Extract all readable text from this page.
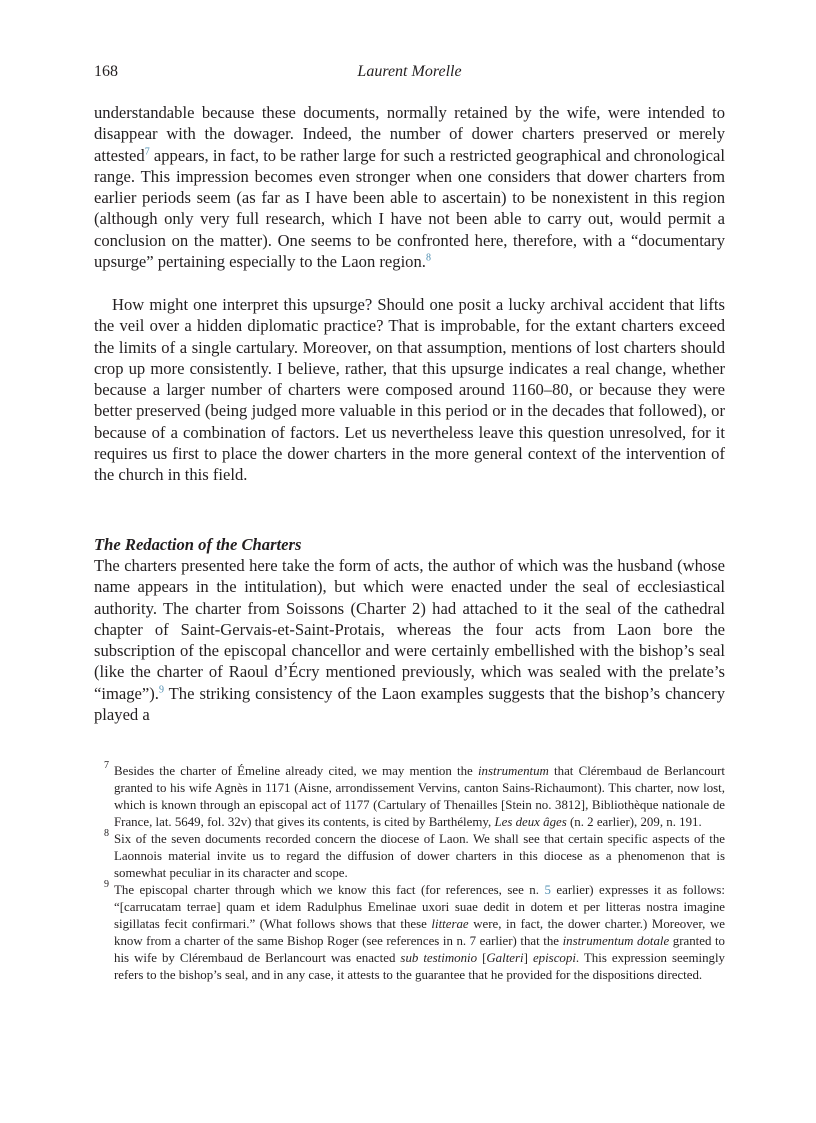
168	Laurent Morelle

understandable because these documents, normally retained by the wife, were intended to disappear with the dowager. Indeed, the number of dower charters preserved or merely attested$^7$ appears, in fact, to be rather large for such a restricted geographical and chronological range. This impression becomes even stronger when one considers that dower charters from earlier periods seem (as far as I have been able to ascertain) to be nonexistent in this region (although only very full research, which I have not been able to carry out, would permit a conclusion on the matter). One seems to be confronted here, therefore, with a “documentary upsurge” pertaining especially to the Laon region.$^8$

How might one interpret this upsurge? Should one posit a lucky archival accident that lifts the veil over a hidden diplomatic practice? That is improbable, for the extant charters exceed the limits of a single cartulary. Moreover, on that assumption, mentions of lost charters should crop up more consistently. I believe, rather, that this upsurge indicates a real change, whether because a larger number of charters were composed around 1160–80, or because they were better preserved (being judged more valuable in this period or in the decades that followed), or because of a combination of factors. Let us nevertheless leave this question unresolved, for it requires us first to place the dower charters in the more general context of the intervention of the church in this field.

The Redaction of the Charters

The charters presented here take the form of acts, the author of which was the husband (whose name appears in the intitulation), but which were enacted under the seal of ecclesiastical authority. The charter from Soissons (Charter 2) had attached to it the seal of the cathedral chapter of Saint-Gervais-et-Saint-Protais, whereas the four acts from Laon bore the subscription of the episcopal chancellor and were certainly embellished with the bishop’s seal (like the charter of Raoul d’Écry mentioned previously, which was sealed with the prelate’s “image”).$^9$ The striking consistency of the Laon examples suggests that the bishop’s chancery played a

7 Besides the charter of Émeline already cited, we may mention the instrumentum that Clérembaud de Berlancourt granted to his wife Agnès in 1171 (Aisne, arrondissement Vervins, canton Sains-Richaumont). This charter, now lost, which is known through an episcopal act of 1177 (Cartulary of Thenailles [Stein no. 3812], Bibliothèque nationale de France, lat. 5649, fol. 32v) that gives its contents, is cited by Barthélemy, Les deux âges (n. 2 earlier), 209, n. 191.

8 Six of the seven documents recorded concern the diocese of Laon. We shall see that certain specific aspects of the Laonnois material invite us to regard the diffusion of dower charters in this diocese as a phenomenon that is somewhat peculiar in its character and scope.

9 The episcopal charter through which we know this fact (for references, see n. 5 earlier) expresses it as follows: “[carrucatam terrae] quam et idem Radulphus Emelinae uxori suae dedit in dotem et per litteras nostra imagine sigillatas fecit confirmari.” (What follows shows that these litterae were, in fact, the dower charter.) Moreover, we know from a charter of the same Bishop Roger (see references in n. 7 earlier) that the instrumentum dotale granted to his wife by Clérembaud de Berlancourt was enacted sub testimonio [Galteri] episcopi. This expression seemingly refers to the bishop’s seal, and in any case, it attests to the guarantee that he provided for the dispositions directed.
